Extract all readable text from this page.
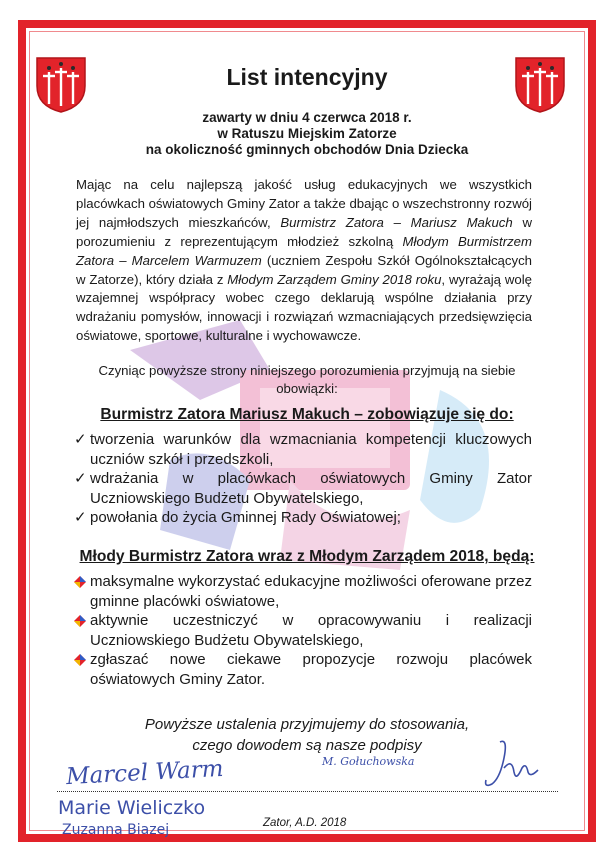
List intencyjny
zawarty w dniu 4 czerwca 2018 r.
w Ratuszu Miejskim Zatorze
na okoliczność gminnych obchodów Dnia Dziecka
Mając na celu najlepszą jakość usług edukacyjnych we wszystkich placówkach oświatowych Gminy Zator a także dbając o wszechstronny rozwój jej najmłodszych mieszkańców, Burmistrz Zatora – Mariusz Makuch w porozumieniu z reprezentującym młodzież szkolną Młodym Burmistrzem Zatora – Marcelem Warmuzem (uczniem Zespołu Szkół Ogólnokształcących w Zatorze), który działa z Młodym Zarządem Gminy 2018 roku, wyrażają wolę wzajemnej współpracy wobec czego deklarują wspólne działania przy wdrażaniu pomysłów, innowacji i rozwiązań wzmacniających przedsięwzięcia oświatowe, sportowe, kulturalne i wychowawcze.
Czyniąc powyższe strony niniejszego porozumienia przyjmują na siebie
obowiązki:
Burmistrz Zatora Mariusz Makuch – zobowiązuje się do:
✓ tworzenia warunków dla wzmacniania kompetencji kluczowych uczniów szkół i przedszkoli,
✓ wdrażania w placówkach oświatowych Gminy Zator Uczniowskiego Budżetu Obywatelskiego,
✓ powołania do życia Gminnej Rady Oświatowej;
Młody Burmistrz Zatora wraz z Młodym Zarządem 2018, będą:
maksymalne wykorzystać edukacyjne możliwości oferowane przez gminne placówki oświatowe,
aktywnie uczestniczyć w opracowywaniu i realizacji Uczniowskiego Budżetu Obywatelskiego,
zgłaszać nowe ciekawe propozycje rozwoju placówek oświatowych Gminy Zator.
Powyższe ustalenia przyjmujemy do stosowania,
czego dowodem są nasze podpisy
Marcel Warm	M. Gołuchowska
Marie Wieliczko
Zuzanna Biazej	Zator, A.D. 2018
